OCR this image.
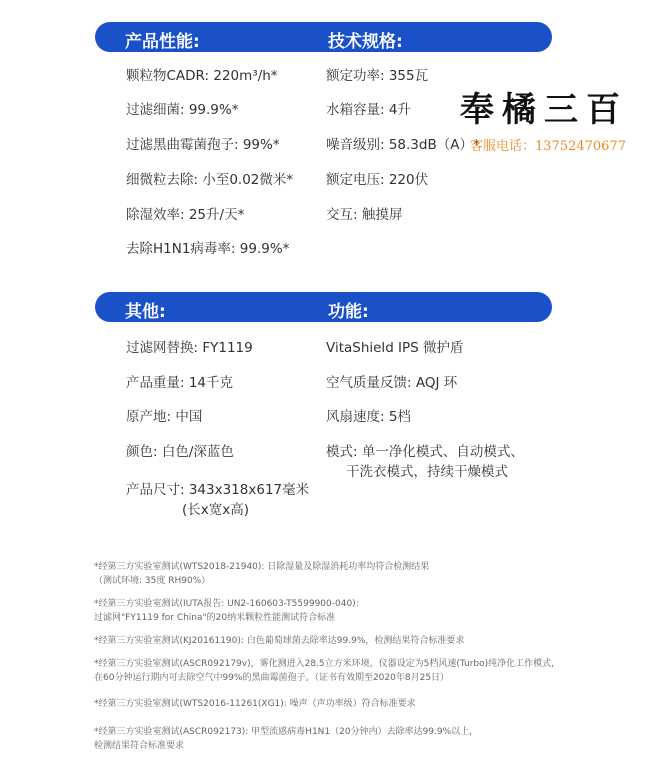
产品性能:	技术规格:
颗粒物CADR: 220m³/h*
过滤细菌: 99.9%*
过滤黑曲霉菌孢子: 99%*
细微粒去除: 小至0.02微米*
除湿效率: 25升/天*
去除H1N1病毒率: 99.9%*
额定功率: 355瓦
水箱容量: 4升
噪音级别: 58.3dB（A）*
额定电压: 220伏
交互: 触摸屏
奉橘三百
客服电话：13752470677
其他:	功能:
过滤网替换: FY1119
产品重量: 14千克
原产地: 中国
颜色: 白色/深蓝色
产品尺寸: 343x318x617毫米
(长x宽x高)
VitaShield IPS 微护盾
空气质量反馈: AQJ 环
风扇速度: 5档
模式: 单一净化模式、自动模式、
干洗衣模式，持续干燥模式
*经第三方实验室测试(WTS2018-21940): 日除湿量及除湿消耗功率均符合检测结果
（测试环境: 35度 RH90%）
*经第三方实验室测试(IUTA报告: UN2-160603-T5599900-040):
过滤网"FY1119 for China"的20纳米颗粒性能测试符合标准
*经第三方实验室测试(KJ20161190): 白色葡萄球菌去除率达99.9%，检测结果符合标准要求
*经第三方实验室测试(ASCR092179v)，雾化测进入28.5立方米环境，仪器设定为5档风速(Turbo)纯净化工作模式，
在60分钟运行期内可去除空气中99%的黑曲霉菌孢子。（证书有效期至2020年8月25日）
*经第三方实验室测试(WTS2016-11261(XG1): 噪声（声功率级）符合标准要求
*经第三方实验室测试(ASCR092173): 甲型流感病毒H1N1（20分钟内）去除率达99.9%以上，
检测结果符合标准要求
